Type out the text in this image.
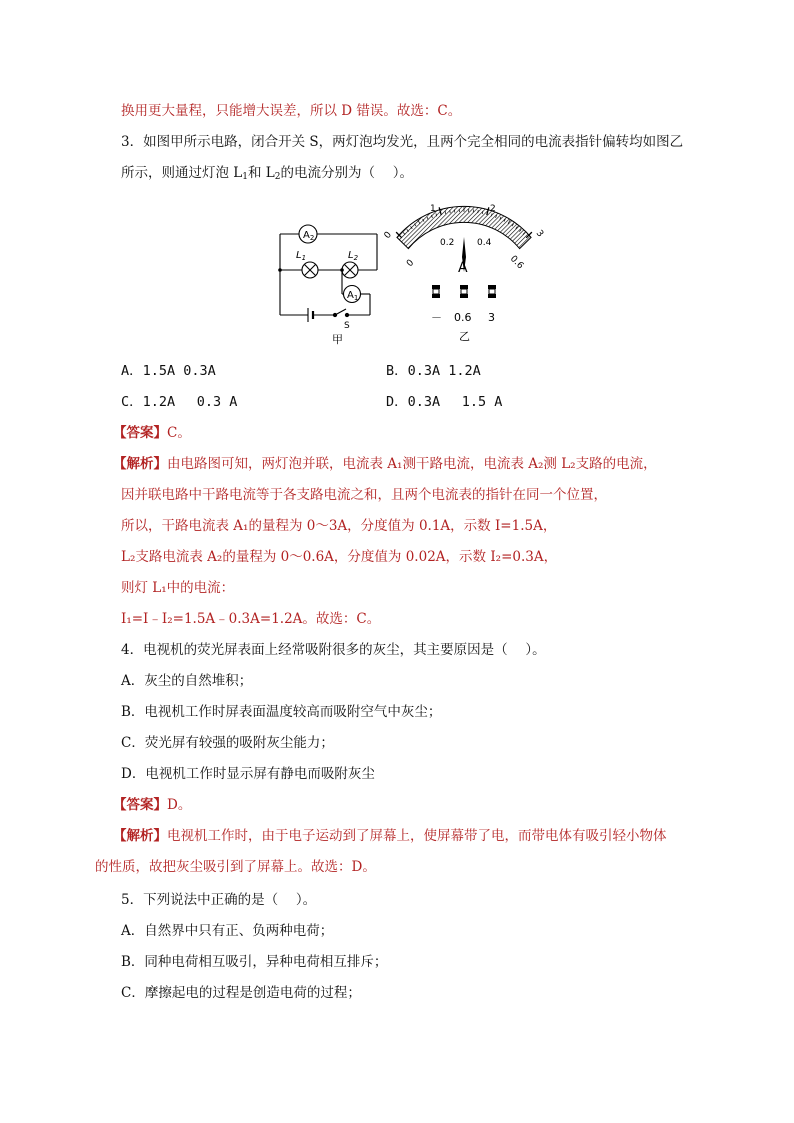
换用更大量程，只能增大误差，所以 D 错误。故选：C。
3．如图甲所示电路，闭合开关 S，两灯泡均发光，且两个完全相同的电流表指针偏转均如图乙
所示，则通过灯泡 $L_1$和 $L_2$的电流分别为（　 ）。
$A_2$
$A_1$
$L_1$	$L_2$
S
甲
0
1	2
3
0
0.2	0.4
0.6
A
－ 0.6 3
乙
A．1.5A 0.3A	B．0.3A 1.2A
C．1.2A　 0.3 A	D．0.3A　 1.5 A
【答案】C。
【解析】由电路图可知，两灯泡并联，电流表 A₁测干路电流，电流表 A₂测 L₂支路的电流，
因并联电路中干路电流等于各支路电流之和，且两个电流表的指针在同一个位置，
所以，干路电流表 A₁的量程为 0～3A，分度值为 0.1A，示数 I=1.5A，
L₂支路电流表 A₂的量程为 0～0.6A，分度值为 0.02A，示数 I₂=0.3A，
则灯 L₁中的电流：
I₁=I﹣I₂=1.5A﹣0.3A=1.2A。故选：C。
4．电视机的荧光屏表面上经常吸附很多的灰尘，其主要原因是（　 ）。
A．灰尘的自然堆积；
B．电视机工作时屏表面温度较高而吸附空气中灰尘；
C．荧光屏有较强的吸附灰尘能力；
D．电视机工作时显示屏有静电而吸附灰尘
【答案】D。
【解析】电视机工作时，由于电子运动到了屏幕上，使屏幕带了电，而带电体有吸引轻小物体
的性质，故把灰尘吸引到了屏幕上。故选：D。
5．下列说法中正确的是（　 ）。
A．自然界中只有正、负两种电荷；
B．同种电荷相互吸引，异种电荷相互排斥；
C．摩擦起电的过程是创造电荷的过程；
